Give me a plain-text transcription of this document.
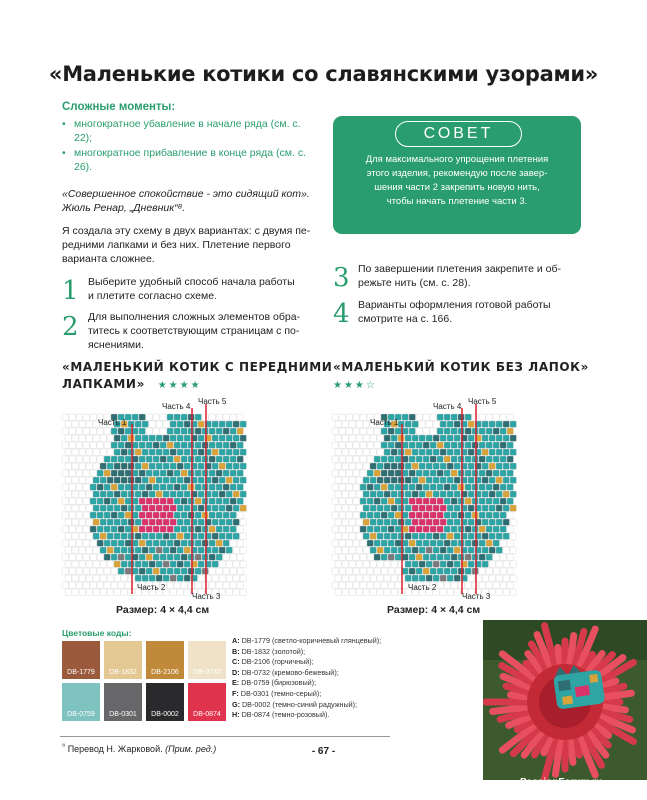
«Маленькие котики со славянскими узорами»
Сложные моменты:
• многократное убавление в начале ряда (см. с. 22);
• многократное прибавление в конце ряда (см. с. 26).
«Совершенное спокойствие - это сидящий кот».
Жюль Ренар, „Дневник“⁸.
Я создала эту схему в двух вариантах: с двумя пе-
редними лапками и без них. Плетение первого
варианта сложнее.
1 Выберите удобный способ начала работы
и плетите согласно схеме.
2 Для выполнения сложных элементов обра-
титесь к соответствующим страницам с по-
яснениями.
СОВЕТ
Для максимального упрощения плетения
этого изделия, рекомендую после завер-
шения части 2 закрепить новую нить,
чтобы начать плетение части 3.
3 По завершении плетения закрепите и об-
режьте нить (см. с. 28).
4 Варианты оформления готовой работы
смотрите на с. 166.
«МАЛЕНЬКИЙ КОТИК С ПЕРЕДНИМИ
ЛАПКАМИ» ★★★★
«МАЛЕНЬКИЙ КОТИК БЕЗ ЛАПОК»
★★★☆
Часть 1
Часть 4
Часть 5
Часть 2
Часть 3
Размер: 4 × 4,4 см
Часть 1
Часть 4
Часть 5
Часть 2
Часть 3
Размер: 4 × 4,4 см
Цветовые коды:
DB-1779	DB-1832	DB-2106	DB-0732
DB-0759	DB-0301	DB-0002	DB-0874
A: DB-1779 (светло-коричневый глянцевый);
B: DB-1832 (золотой);
C: DB-2106 (горчичный);
D: DB-0732 (кремово-бежевый);
E: DB-0759 (бирюзовый);
F: DB-0301 (темно-серый);
G: DB-0002 (темно-синий радужный);
H: DB-0874 (темно-розовый).
PassionForum.ru
$^{^8}$ Перевод Н. Жарковой. (Прим. ред.)	- 67 -
